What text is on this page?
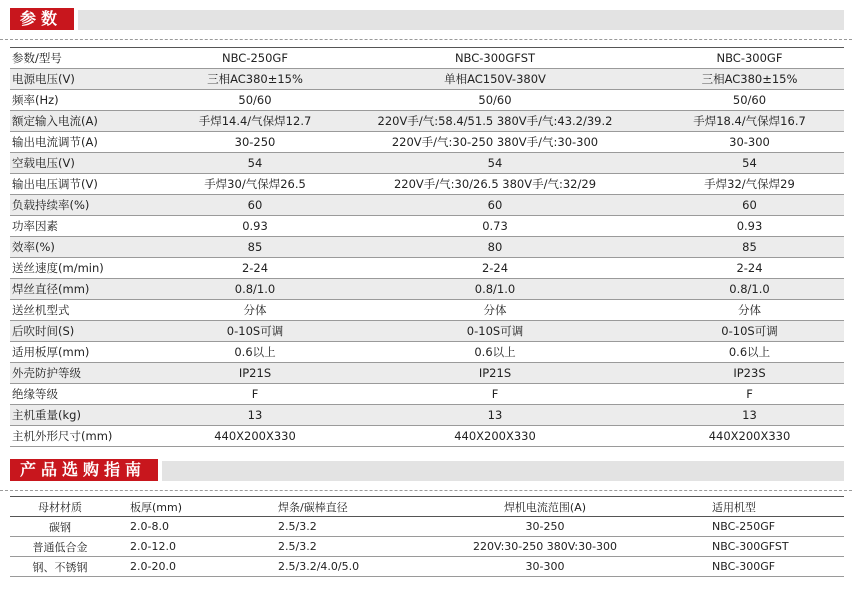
参数
参数/型号	NBC-250GF	NBC-300GFST	NBC-300GF
电源电压(V)	三相AC380±15%	单相AC150V-380V	三相AC380±15%
频率(Hz)	50/60	50/60	50/60
额定输入电流(A)	手焊14.4/气保焊12.7	220V手/气:58.4/51.5 380V手/气:43.2/39.2	手焊18.4/气保焊16.7
输出电流调节(A)	30-250	220V手/气:30-250 380V手/气:30-300	30-300
空载电压(V)	54	54	54
输出电压调节(V)	手焊30/气保焊26.5	220V手/气:30/26.5 380V手/气:32/29	手焊32/气保焊29
负载持续率(%)	60	60	60
功率因素	0.93	0.73	0.93
效率(%)	85	80	85
送丝速度(m/min)	2-24	2-24	2-24
焊丝直径(mm)	0.8/1.0	0.8/1.0	0.8/1.0
送丝机型式	分体	分体	分体
后吹时间(S)	0-10S可调	0-10S可调	0-10S可调
适用板厚(mm)	0.6以上	0.6以上	0.6以上
外壳防护等级	IP21S	IP21S	IP23S
绝缘等级	F	F	F
主机重量(kg)	13	13	13
主机外形尺寸(mm)	440X200X330	440X200X330	440X200X330
产品选购指南
母材材质	板厚(mm)	焊条/碳棒直径	焊机电流范围(A)	适用机型
碳钢	2.0-8.0	2.5/3.2	30-250	NBC-250GF
普通低合金	2.0-12.0	2.5/3.2	220V:30-250 380V:30-300	NBC-300GFST
钢、不锈钢	2.0-20.0	2.5/3.2/4.0/5.0	30-300	NBC-300GF
